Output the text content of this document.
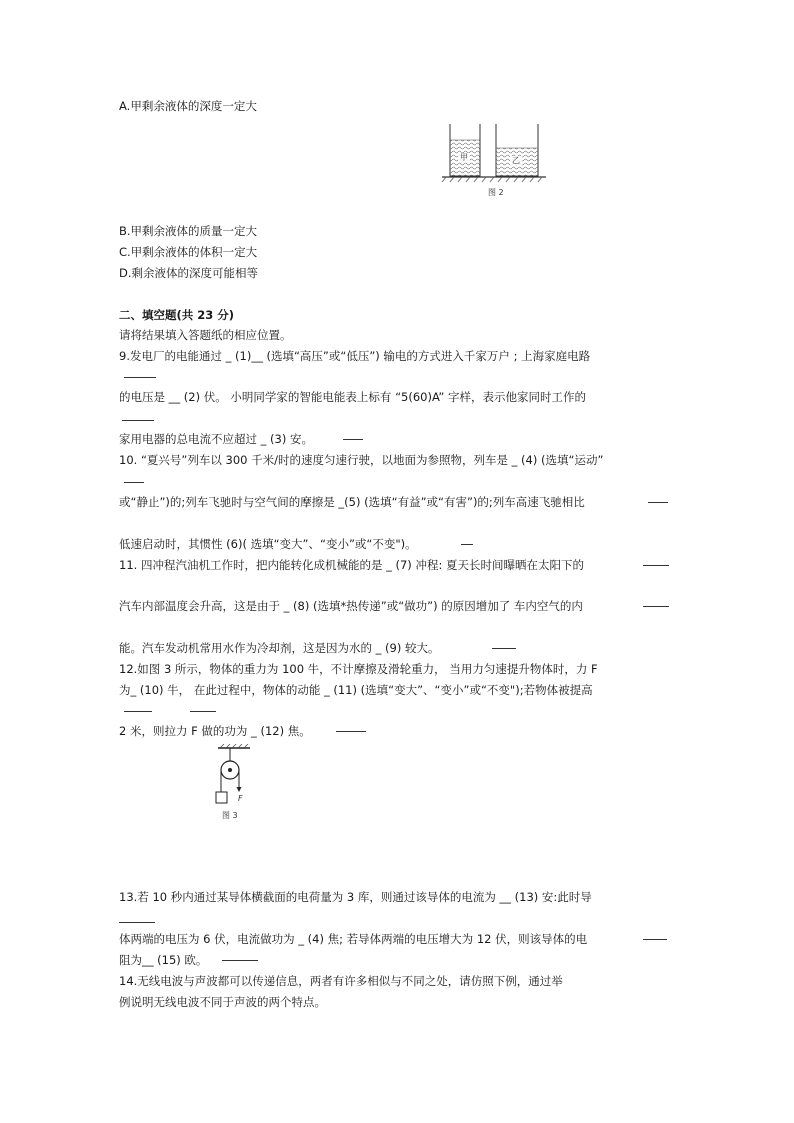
A.甲剩余液体的深度一定大
甲	乙
图 2
B.甲剩余液体的质量一定大
C.甲剩余液体的体积一定大
D.剩余液体的深度可能相等
二、填空题(共 23 分)
请将结果填入答题纸的相应位置。
9.发电厂的电能通过 _ (1)__ (选填“高压”或“低压”) 输电的方式进入千家万户 ; 上海家庭电路
的电压是 __ (2) 伏。 小明同学家的智能电能表上标有 “5(60)A” 字样，表示他家同时工作的
家用电器的总电流不应超过 _ (3) 安。
10. “夏兴号”列车以 300 千米/时的速度匀速行驶，以地面为参照物，列车是 _ (4) (选填“运动”
或“静止”)的;列车飞驰时与空气间的摩擦是 _(5) (选填“有益”或“有害”)的;列车高速飞驰相比
低速启动时，其惯性 (6)( 选填“变大”、“变小”或“不变")。
11. 四冲程汽油机工作时，把内能转化成机械能的是 _ (7) 冲程: 夏天长时间曝晒在太阳下的
汽车内部温度会升高，这是由于 _ (8) (选填*热传递”或“做功”) 的原因增加了 车内空气的内
能。汽车发动机常用水作为冷却剂，这是因为水的 _ (9) 较大。
12.如图 3 所示，物体的重力为 100 牛，不计摩擦及滑轮重力， 当用力匀速提升物体时，力 F
为_ (10) 牛， 在此过程中，物体的动能 _ (11) (选填“变大”、“变小”或“不变");若物体被提高
2 米，则拉力 F 做的功为 _ (12) 焦。
F
图 3
13.若 10 秒内通过某导体横截面的电荷量为 3 库，则通过该导体的电流为 __ (13) 安:此时导
体两端的电压为 6 伏，电流做功为 _ (4) 焦; 若导体两端的电压增大为 12 伏，则该导体的电
阻为__ (15) 欧。
14.无线电波与声波都可以传递信息，两者有许多相似与不同之处，请仿照下例，通过举
例说明无线电波不同于声波的两个特点。
